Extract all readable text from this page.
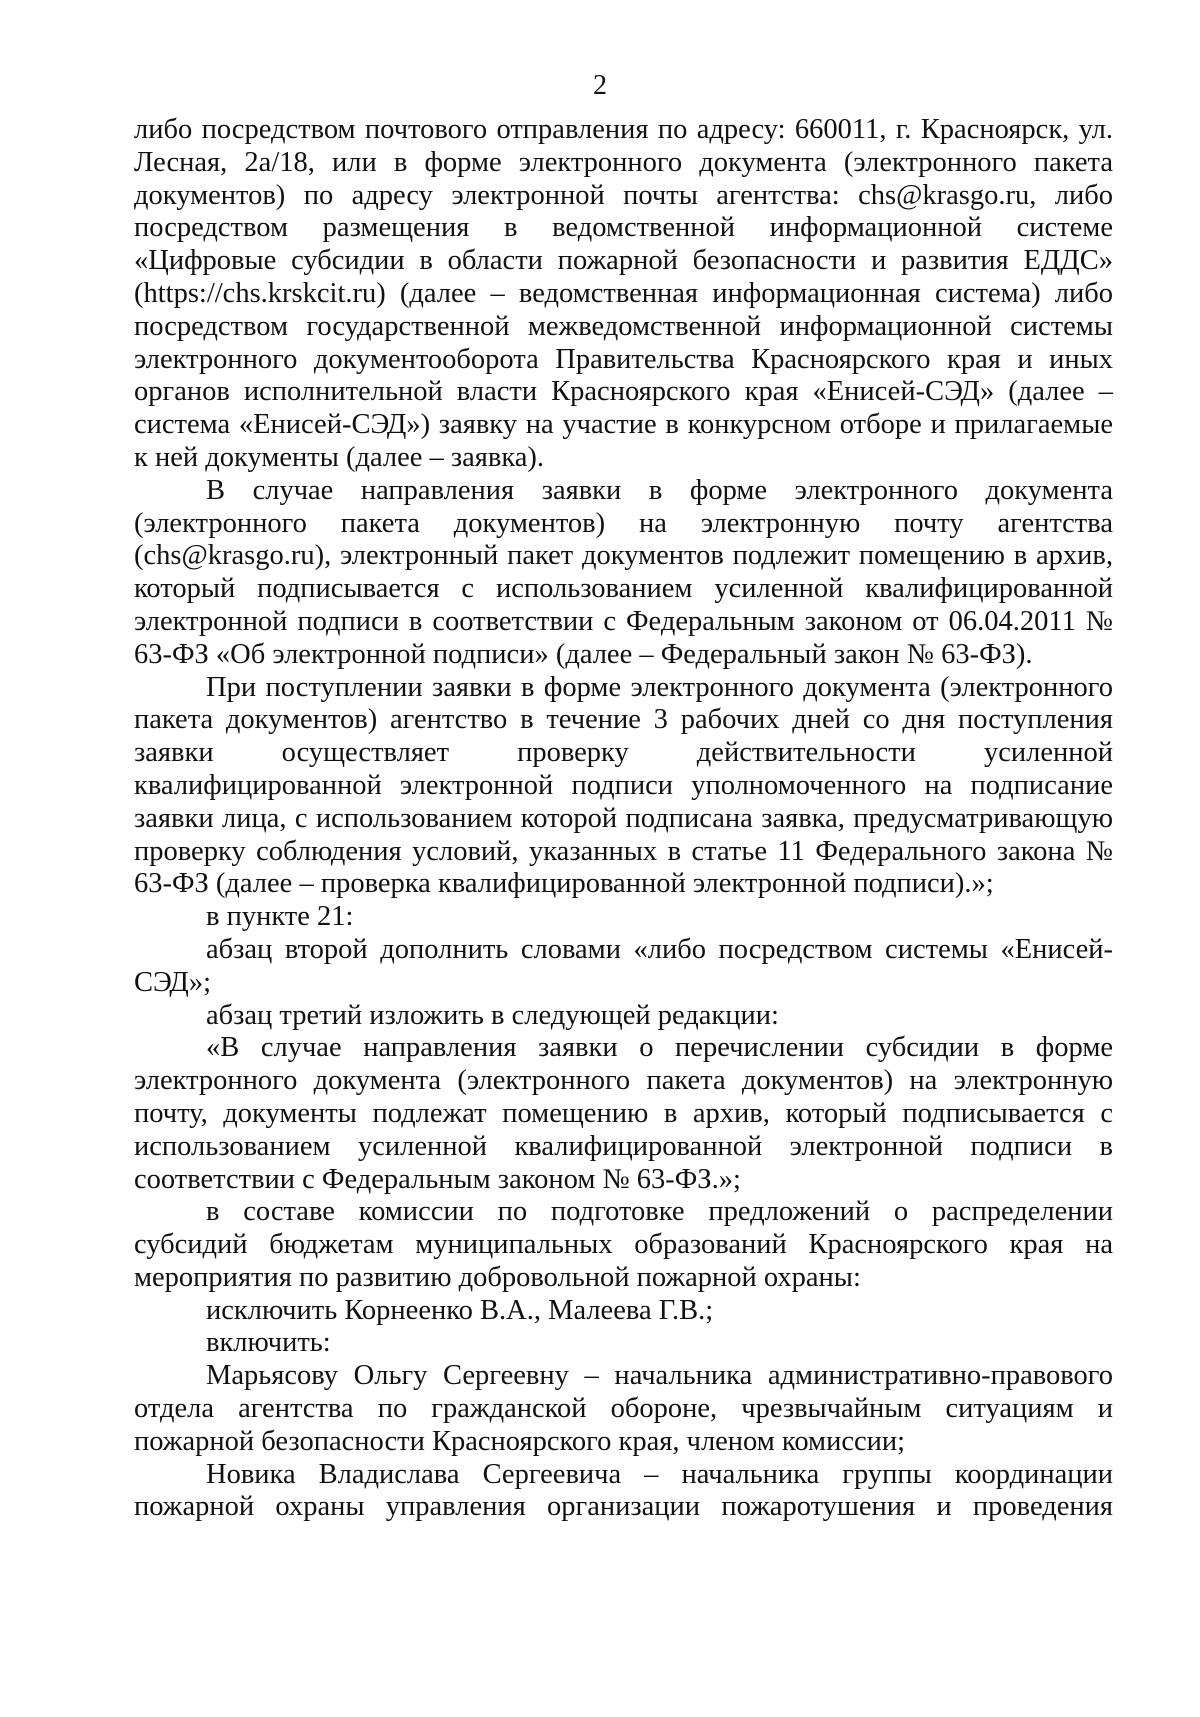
2

либо посредством почтового отправления по адресу: 660011, г. Красноярск, ул. Лесная, 2а/18, или в форме электронного документа (электронного пакета документов) по адресу электронной почты агентства: chs@krasgo.ru, либо посредством размещения в ведомственной информационной системе «Цифровые субсидии в области пожарной безопасности и развития ЕДДС» (https://chs.krskcit.ru) (далее – ведомственная информационная система) либо посредством государственной межведомственной информационной системы электронного документооборота Правительства Красноярского края и иных органов исполнительной власти Красноярского края «Енисей-СЭД» (далее – система «Енисей-СЭД») заявку на участие в конкурсном отборе и прилагаемые к ней документы (далее – заявка).

В случае направления заявки в форме электронного документа (электронного пакета документов) на электронную почту агентства (chs@krasgo.ru), электронный пакет документов подлежит помещению в архив, который подписывается с использованием усиленной квалифицированной электронной подписи в соответствии с Федеральным законом от 06.04.2011 № 63-ФЗ «Об электронной подписи» (далее – Федеральный закон № 63-ФЗ).

При поступлении заявки в форме электронного документа (электронного пакета документов) агентство в течение 3 рабочих дней со дня поступления заявки осуществляет проверку действительности усиленной квалифицированной электронной подписи уполномоченного на подписание заявки лица, с использованием которой подписана заявка, предусматривающую проверку соблюдения условий, указанных в статье 11 Федерального закона № 63-ФЗ (далее – проверка квалифицированной электронной подписи).»;

в пункте 21:

абзац второй дополнить словами «либо посредством системы «Енисей-СЭД»;

абзац третий изложить в следующей редакции:

«В случае направления заявки о перечислении субсидии в форме электронного документа (электронного пакета документов) на электронную почту, документы подлежат помещению в архив, который подписывается с использованием усиленной квалифицированной электронной подписи в соответствии с Федеральным законом № 63-ФЗ.»;

в составе комиссии по подготовке предложений о распределении субсидий бюджетам муниципальных образований Красноярского края на мероприятия по развитию добровольной пожарной охраны:

исключить Корнеенко В.А., Малеева Г.В.;

включить:

Марьясову Ольгу Сергеевну – начальника административно-правового отдела агентства по гражданской обороне, чрезвычайным ситуациям и пожарной безопасности Красноярского края, членом комиссии;

Новика Владислава Сергеевича – начальника группы координации пожарной охраны управления организации пожаротушения и проведения
